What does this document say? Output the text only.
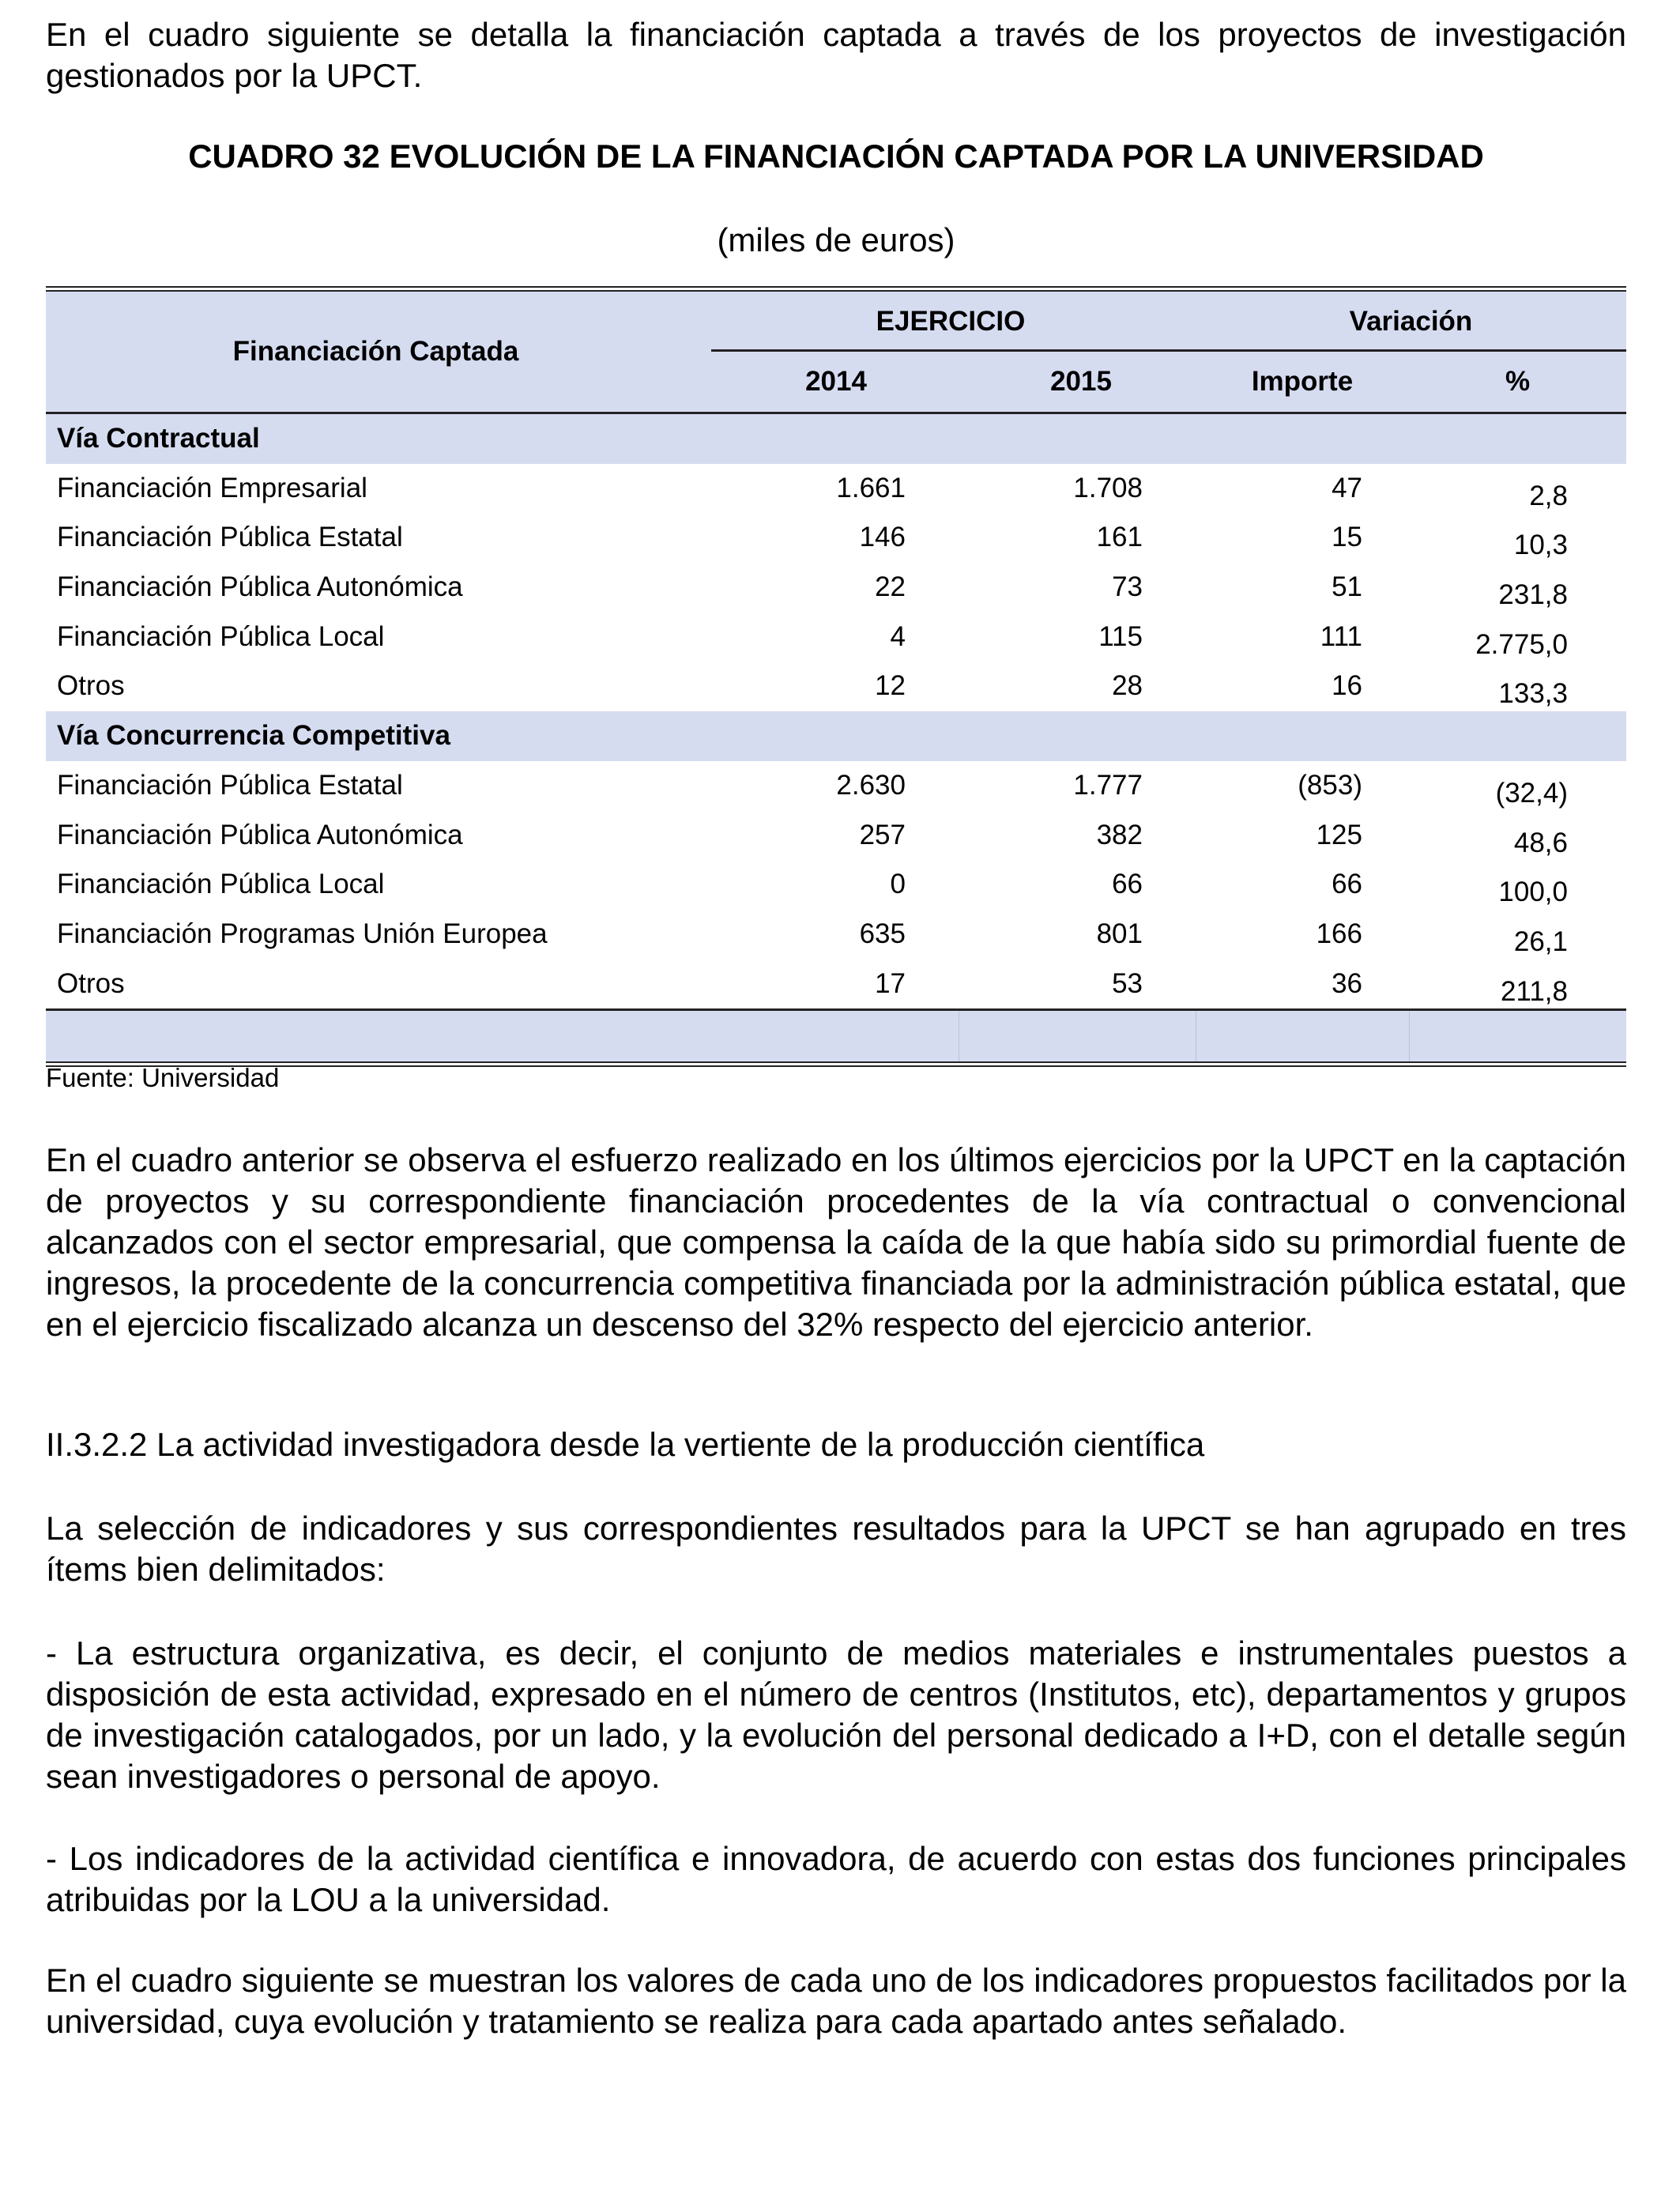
En el cuadro siguiente se detalla la financiación captada a través de los proyectos de investigación gestionados por la UPCT.

CUADRO 32 EVOLUCIÓN DE LA FINANCIACIÓN CAPTADA POR LA UNIVERSIDAD
(miles de euros)
Financiación Captada
EJERCICIO	Variación
2014	2015	Importe	%
Vía Contractual
Financiación Empresarial	1.661	1.708	47	2,8
Financiación Pública Estatal	146	161	15	10,3
Financiación Pública Autonómica	22	73	51	231,8
Financiación Pública Local	4	115	111	2.775,0
Otros	12	28	16	133,3
Vía Concurrencia Competitiva
Financiación Pública Estatal	2.630	1.777	(853)	(32,4)
Financiación Pública Autonómica	257	382	125	48,6
Financiación Pública Local	0	66	66	100,0
Financiación Programas Unión Europea	635	801	166	26,1
Otros	17	53	36	211,8
Fuente: Universidad

En el cuadro anterior se observa el esfuerzo realizado en los últimos ejercicios por la UPCT en la captación de proyectos y su correspondiente financiación procedentes de la vía contractual o convencional alcanzados con el sector empresarial, que compensa la caída de la que había sido su primordial fuente de ingresos, la procedente de la concurrencia competitiva financiada por la administración pública estatal, que en el ejercicio fiscalizado alcanza un descenso del 32% respecto del ejercicio anterior.

II.3.2.2 La actividad investigadora desde la vertiente de la producción científica

La selección de indicadores y sus correspondientes resultados para la UPCT se han agrupado en tres ítems bien delimitados:

- La estructura organizativa, es decir, el conjunto de medios materiales e instrumentales puestos a disposición de esta actividad, expresado en el número de centros (Institutos, etc), departamentos y grupos de investigación catalogados, por un lado, y la evolución del personal dedicado a I+D, con el detalle según sean investigadores o personal de apoyo.

- Los indicadores de la actividad científica e innovadora, de acuerdo con estas dos funciones principales atribuidas por la LOU a la universidad.

En el cuadro siguiente se muestran los valores de cada uno de los indicadores propuestos facilitados por la universidad, cuya evolución y tratamiento se realiza para cada apartado antes señalado.
